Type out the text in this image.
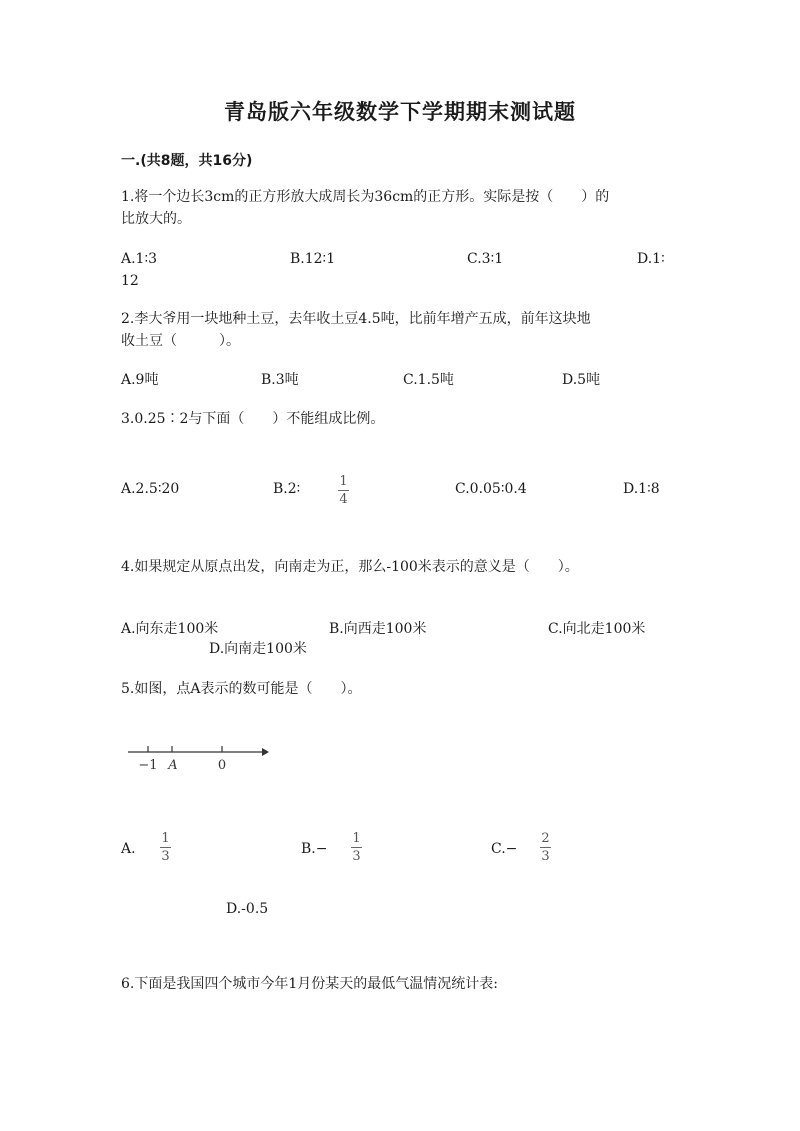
青岛版六年级数学下学期期末测试题
一.(共8题，共16分)
1.将一个边长3cm的正方形放大成周长为36cm的正方形。实际是按（　　）的
比放大的。
A.1∶3	B.12∶1	C.3∶1	D.1∶
12
2.李大爷用一块地种土豆，去年收土豆4.5吨，比前年增产五成，前年这块地
收土豆（　　　）。
A.9吨	B.3吨	C.1.5吨	D.5吨
3.0.25∶2与下面（　　）不能组成比例。
A.2.5∶20	B.2∶	1
4
C.0.05∶0.4	D.1∶8
4.如果规定从原点出发，向南走为正，那么-100米表示的意义是（　　）。
A.向东走100米	B.向西走100米	C.向北走100米
D.向南走100米
5.如图，点A表示的数可能是（　　）。
−1 A	0
A.
1
3	B.−
1
3	C.−
2
3
D.-0.5
6.下面是我国四个城市今年1月份某天的最低气温情况统计表:
